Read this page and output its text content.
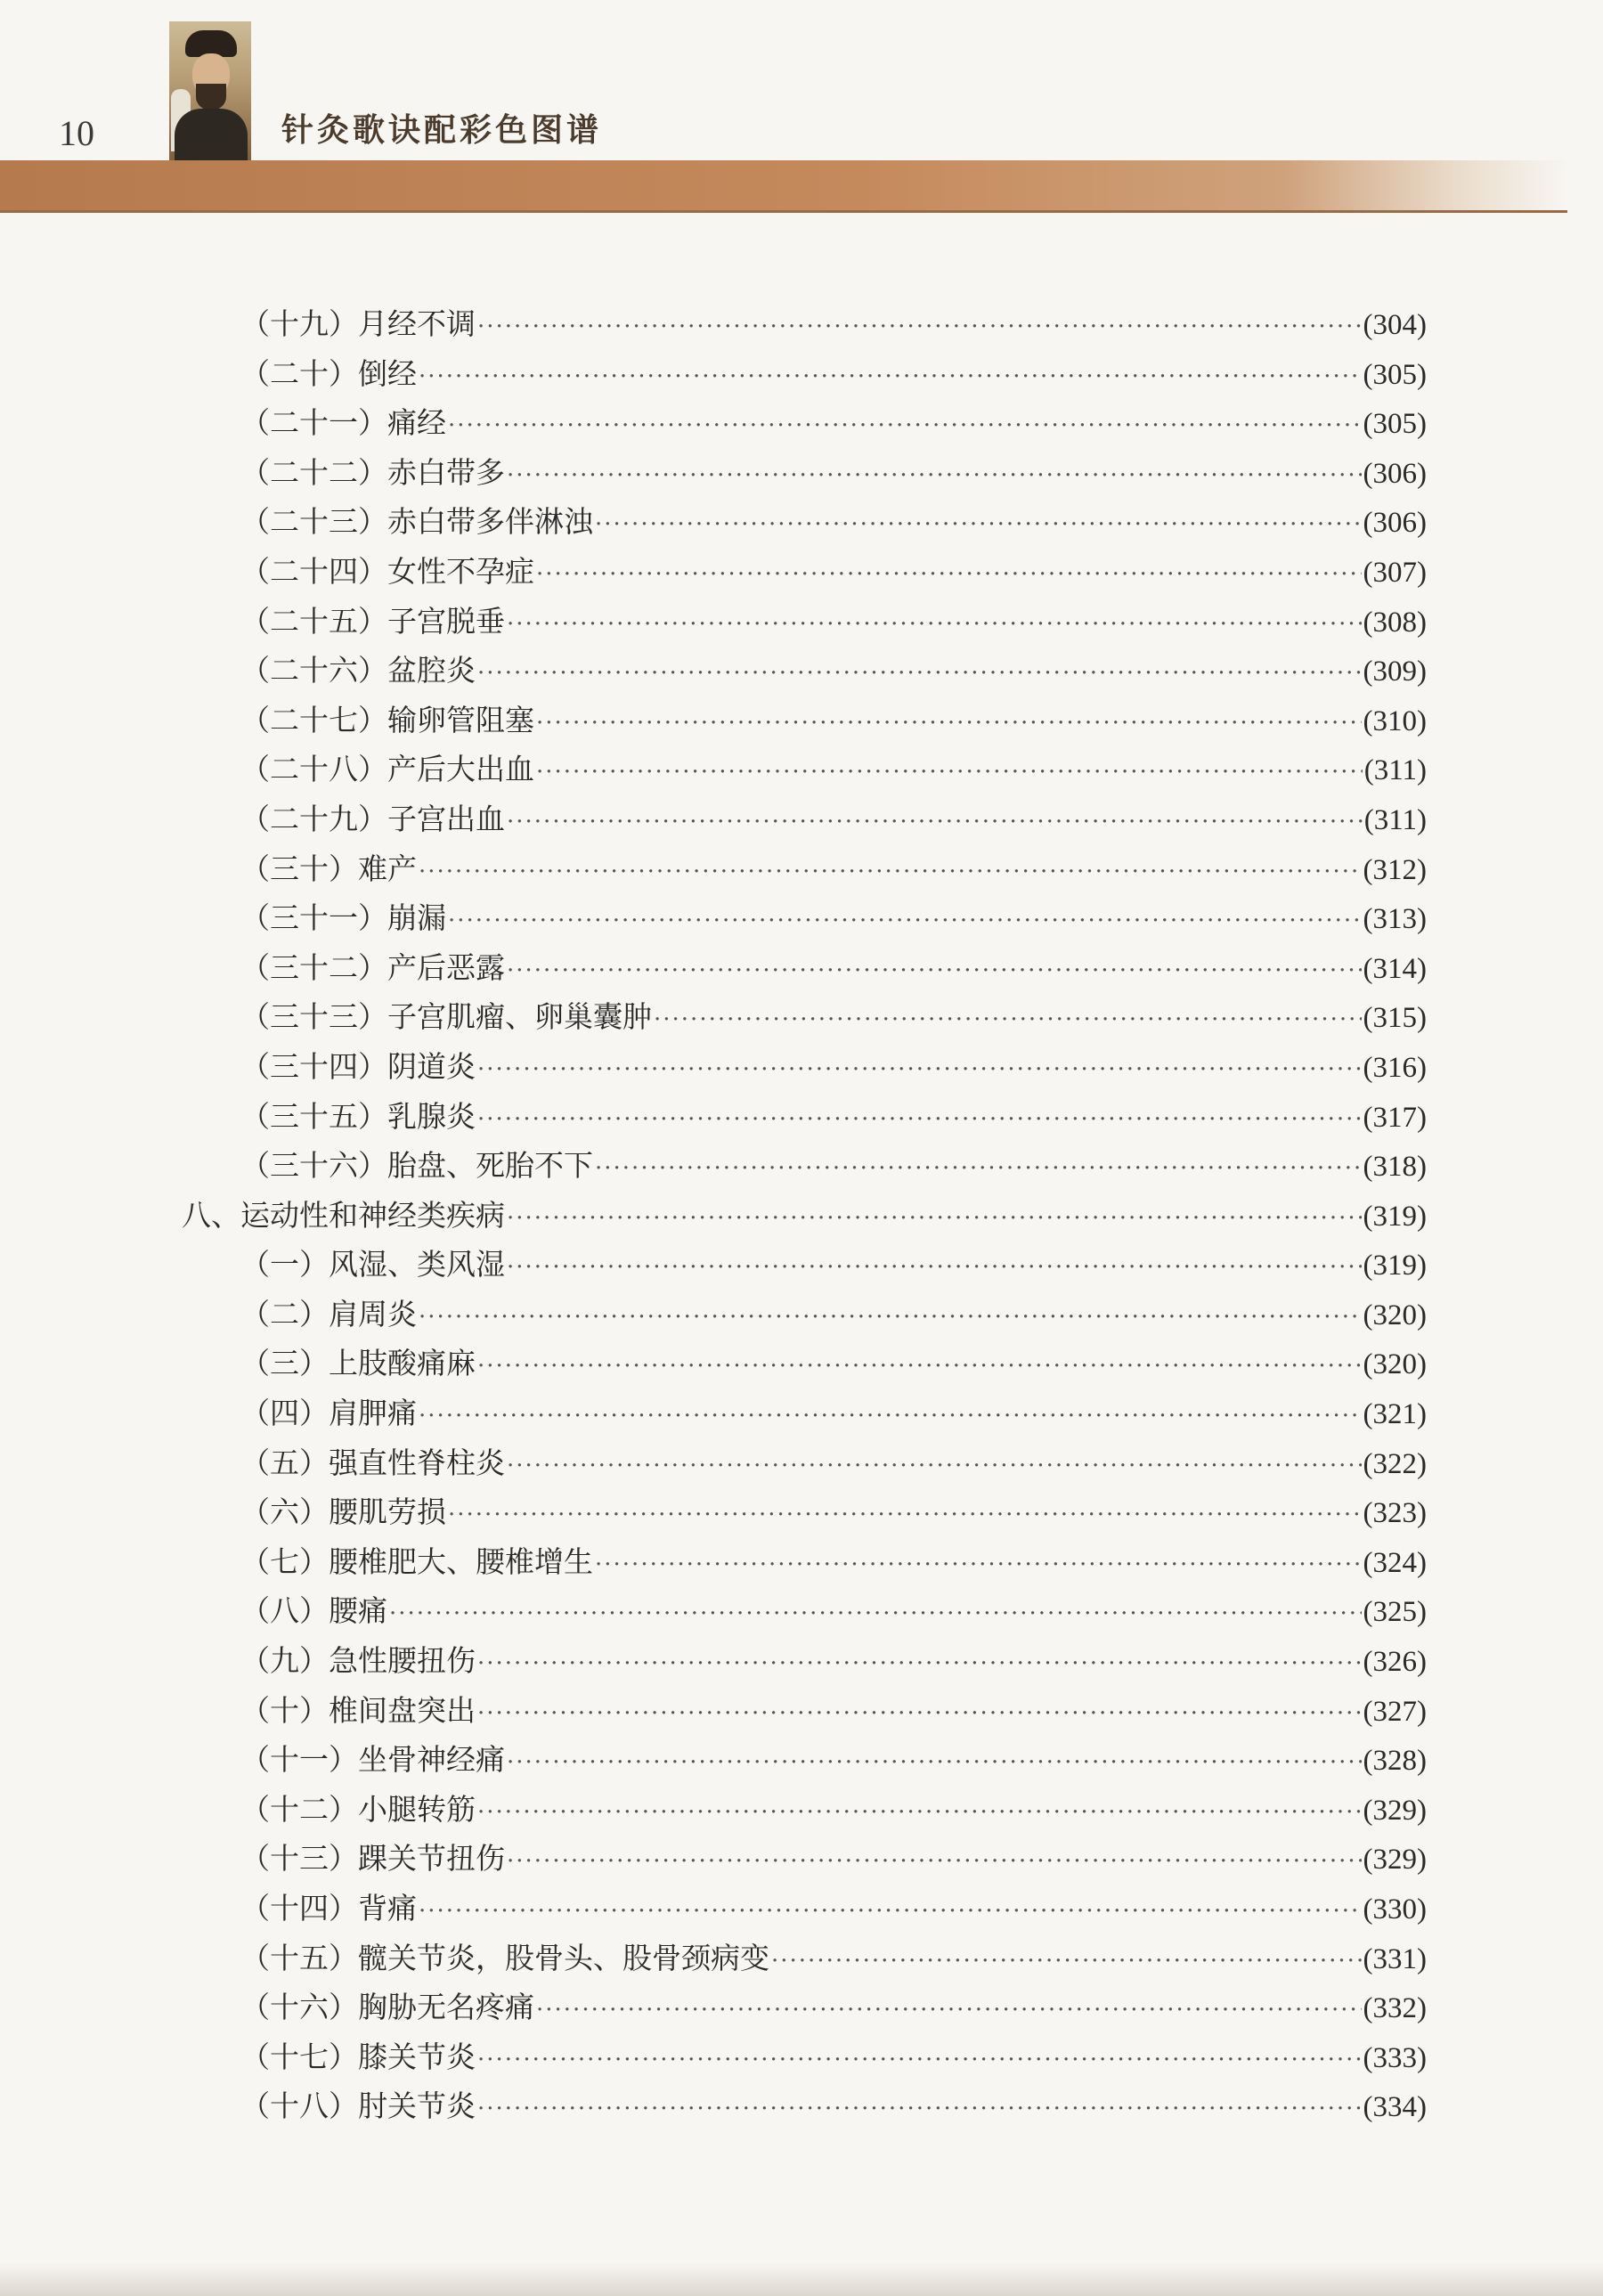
10	针灸歌诀配彩色图谱
（十九）月经不调 ·····	(304)
（二十）倒经 ·····	(305)
（二十一）痛经 ·····	(305)
（二十二）赤白带多 ·····	(306)
（二十三）赤白带多伴淋浊 ·····	(306)
（二十四）女性不孕症 ·····	(307)
（二十五）子宫脱垂 ·····	(308)
（二十六）盆腔炎 ·····	(309)
（二十七）输卵管阻塞 ·····	(310)
（二十八）产后大出血 ·····	(311)
（二十九）子宫出血 ·····	(311)
（三十）难产 ·····	(312)
（三十一）崩漏 ·····	(313)
（三十二）产后恶露 ·····	(314)
（三十三）子宫肌瘤、卵巢囊肿 ·····	(315)
（三十四）阴道炎 ·····	(316)
（三十五）乳腺炎 ·····	(317)
（三十六）胎盘、死胎不下 ·····	(318)
八、运动性和神经类疾病 ·····	(319)
（一）风湿、类风湿 ·····	(319)
（二）肩周炎 ·····	(320)
（三）上肢酸痛麻 ·····	(320)
（四）肩胛痛 ·····	(321)
（五）强直性脊柱炎 ·····	(322)
（六）腰肌劳损 ·····	(323)
（七）腰椎肥大、腰椎增生 ·····	(324)
（八）腰痛 ·····	(325)
（九）急性腰扭伤 ·····	(326)
（十）椎间盘突出 ·····	(327)
（十一）坐骨神经痛 ·····	(328)
（十二）小腿转筋 ·····	(329)
（十三）踝关节扭伤 ·····	(329)
（十四）背痛 ·····	(330)
（十五）髋关节炎，股骨头、股骨颈病变 ·····	(331)
（十六）胸胁无名疼痛 ·····	(332)
（十七）膝关节炎 ·····	(333)
（十八）肘关节炎 ·····	(334)
